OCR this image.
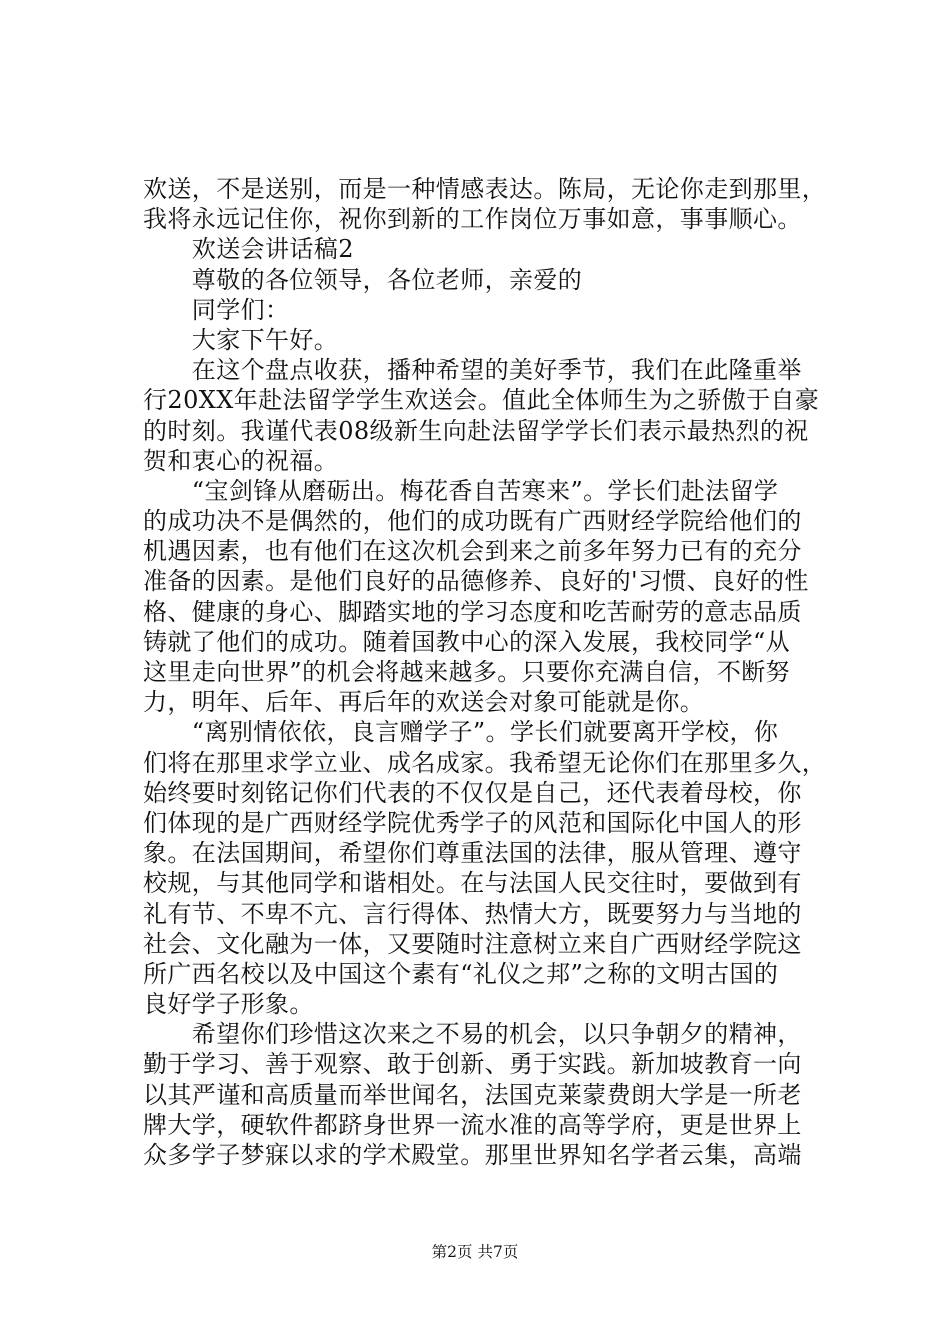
欢送，不是送别，而是一种情感表达。陈局，无论你走到那里，
我将永远记住你，祝你到新的工作岗位万事如意，事事顺心。
　　欢送会讲话稿2
　　尊敬的各位领导，各位老师，亲爱的
　　同学们：
　　大家下午好。
　　在这个盘点收获，播种希望的美好季节，我们在此隆重举
行20XX年赴法留学学生欢送会。值此全体师生为之骄傲于自豪
的时刻。我谨代表08级新生向赴法留学学长们表示最热烈的祝
贺和衷心的祝福。
　　“宝剑锋从磨砺出。梅花香自苦寒来”。学长们赴法留学
的成功决不是偶然的，他们的成功既有广西财经学院给他们的
机遇因素，也有他们在这次机会到来之前多年努力已有的充分
准备的因素。是他们良好的品德修养、良好的'习惯、良好的性
格、健康的身心、脚踏实地的学习态度和吃苦耐劳的意志品质
铸就了他们的成功。随着国教中心的深入发展，我校同学“从
这里走向世界”的机会将越来越多。只要你充满自信，不断努
力，明年、后年、再后年的欢送会对象可能就是你。
　　“离别情依依，良言赠学子”。学长们就要离开学校，你
们将在那里求学立业、成名成家。我希望无论你们在那里多久，
始终要时刻铭记你们代表的不仅仅是自己，还代表着母校，你
们体现的是广西财经学院优秀学子的风范和国际化中国人的形
象。在法国期间，希望你们尊重法国的法律，服从管理、遵守
校规，与其他同学和谐相处。在与法国人民交往时，要做到有
礼有节、不卑不亢、言行得体、热情大方，既要努力与当地的
社会、文化融为一体，又要随时注意树立来自广西财经学院这
所广西名校以及中国这个素有“礼仪之邦”之称的文明古国的
良好学子形象。
　　希望你们珍惜这次来之不易的机会，以只争朝夕的精神，
勤于学习、善于观察、敢于创新、勇于实践。新加坡教育一向
以其严谨和高质量而举世闻名，法国克莱蒙费朗大学是一所老
牌大学，硬软件都跻身世界一流水准的高等学府，更是世界上
众多学子梦寐以求的学术殿堂。那里世界知名学者云集，高端
第2页 共7页
